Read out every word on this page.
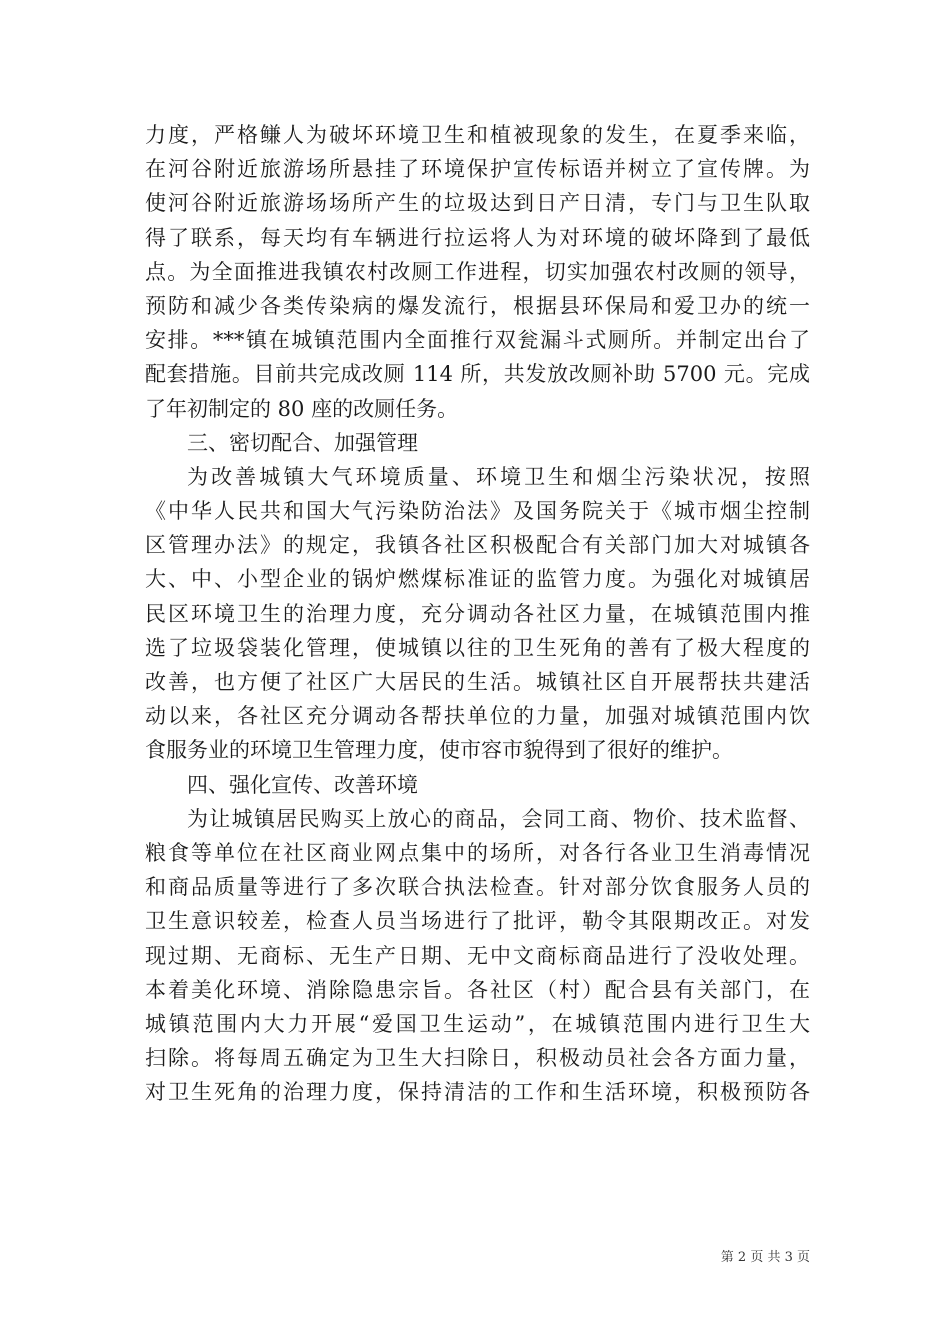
力度，严格鳒人为破坏环境卫生和植被现象的发生，在夏季来临，
在河谷附近旅游场所悬挂了环境保护宣传标语并树立了宣传牌。为
使河谷附近旅游场场所产生的垃圾达到日产日清，专门与卫生队取
得了联系，每天均有车辆进行拉运将人为对环境的破坏降到了最低
点。为全面推进我镇农村改厕工作进程，切实加强农村改厕的领导，
预防和减少各类传染病的爆发流行，根据县环保局和爱卫办的统一
安排。***镇在城镇范围内全面推行双瓮漏斗式厕所。并制定出台了
配套措施。目前共完成改厕 114 所，共发放改厕补助 5700 元。完成
了年初制定的 80 座的改厕任务。
三、密切配合、加强管理
为改善城镇大气环境质量、环境卫生和烟尘污染状况，按照
《中华人民共和国大气污染防治法》及国务院关于《城市烟尘控制
区管理办法》的规定，我镇各社区积极配合有关部门加大对城镇各
大、中、小型企业的锅炉燃煤标准证的监管力度。为强化对城镇居
民区环境卫生的治理力度，充分调动各社区力量，在城镇范围内推
选了垃圾袋装化管理，使城镇以往的卫生死角的善有了极大程度的
改善，也方便了社区广大居民的生活。城镇社区自开展帮扶共建活
动以来，各社区充分调动各帮扶单位的力量，加强对城镇范围内饮
食服务业的环境卫生管理力度，使市容市貌得到了很好的维护。
四、强化宣传、改善环境
为让城镇居民购买上放心的商品，会同工商、物价、技术监督、
粮食等单位在社区商业网点集中的场所，对各行各业卫生消毒情况
和商品质量等进行了多次联合执法检查。针对部分饮食服务人员的
卫生意识较差，检查人员当场进行了批评，勒令其限期改正。对发
现过期、无商标、无生产日期、无中文商标商品进行了没收处理。
本着美化环境、消除隐患宗旨。各社区（村）配合县有关部门，在
城镇范围内大力开展“爱国卫生运动”，在城镇范围内进行卫生大
扫除。将每周五确定为卫生大扫除日，积极动员社会各方面力量，
对卫生死角的治理力度，保持清洁的工作和生活环境，积极预防各
第 2 页 共 3 页
